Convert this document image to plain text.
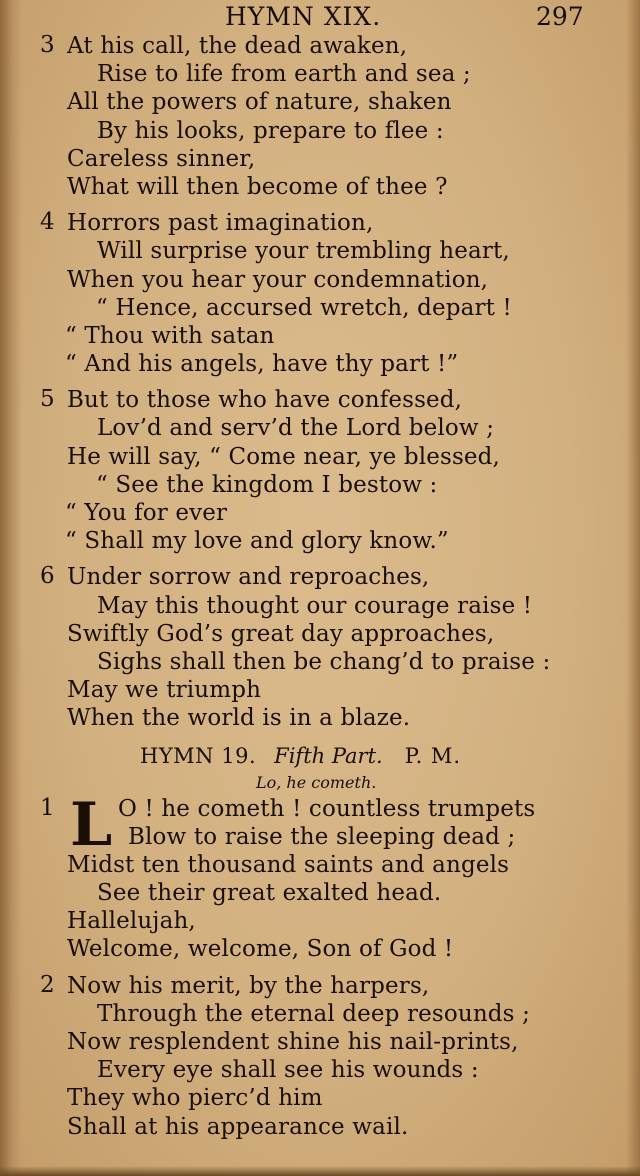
HYMN XIX.	297
3 At his call, the dead awaken,
Rise to life from earth and sea ;
All the powers of nature, shaken
By his looks, prepare to flee :
Careless sinner,
What will then become of thee ?
4 Horrors past imagination,
Will surprise your trembling heart,
When you hear your condemnation,
“ Hence, accursed wretch, depart !
“ Thou with satan
“ And his angels, have thy part !”
5 But to those who have confessed,
Lov’d and serv’d the Lord below ;
He will say, “ Come near, ye blessed,
“ See the kingdom I bestow :
“ You for ever
“ Shall my love and glory know.”
6 Under sorrow and reproaches,
May this thought our courage raise !
Swiftly God’s great day approaches,
Sighs shall then be chang’d to praise :
May we triumph
When the world is in a blaze.
HYMN 19. Fifth Part. P. M.
Lo, he cometh.
1 L O ! he cometh ! countless trumpets
Blow to raise the sleeping dead ;
Midst ten thousand saints and angels
See their great exalted head.
Hallelujah,
Welcome, welcome, Son of God !
2 Now his merit, by the harpers,
Through the eternal deep resounds ;
Now resplendent shine his nail-prints,
Every eye shall see his wounds :
They who pierc’d him
Shall at his appearance wail.
